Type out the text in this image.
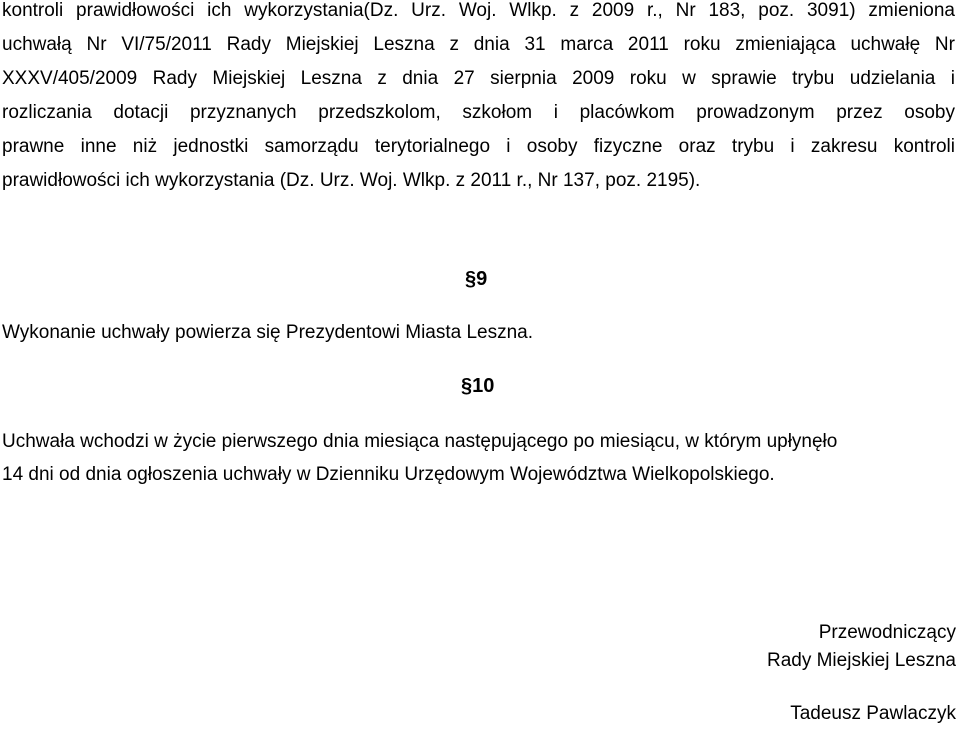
kontroli prawidłowości ich wykorzystania(Dz. Urz. Woj. Wlkp. z 2009 r., Nr 183, poz. 3091) zmieniona
uchwałą Nr VI/75/2011 Rady Miejskiej Leszna z dnia 31 marca 2011 roku zmieniająca uchwałę Nr
XXXV/405/2009 Rady Miejskiej Leszna z dnia 27 sierpnia 2009 roku w sprawie trybu udzielania i
rozliczania dotacji przyznanych przedszkolom, szkołom i placówkom prowadzonym przez osoby
prawne inne niż jednostki samorządu terytorialnego i osoby fizyczne oraz trybu i zakresu kontroli
prawidłowości ich wykorzystania (Dz. Urz. Woj. Wlkp. z 2011 r., Nr 137, poz. 2195).

§9

Wykonanie uchwały powierza się Prezydentowi Miasta Leszna.

§10

Uchwała wchodzi w życie pierwszego dnia miesiąca następującego po miesiącu, w którym upłynęło
14 dni od dnia ogłoszenia uchwały w Dzienniku Urzędowym Województwa Wielkopolskiego.

Przewodniczący

Rady Miejskiej Leszna

Tadeusz Pawlaczyk
